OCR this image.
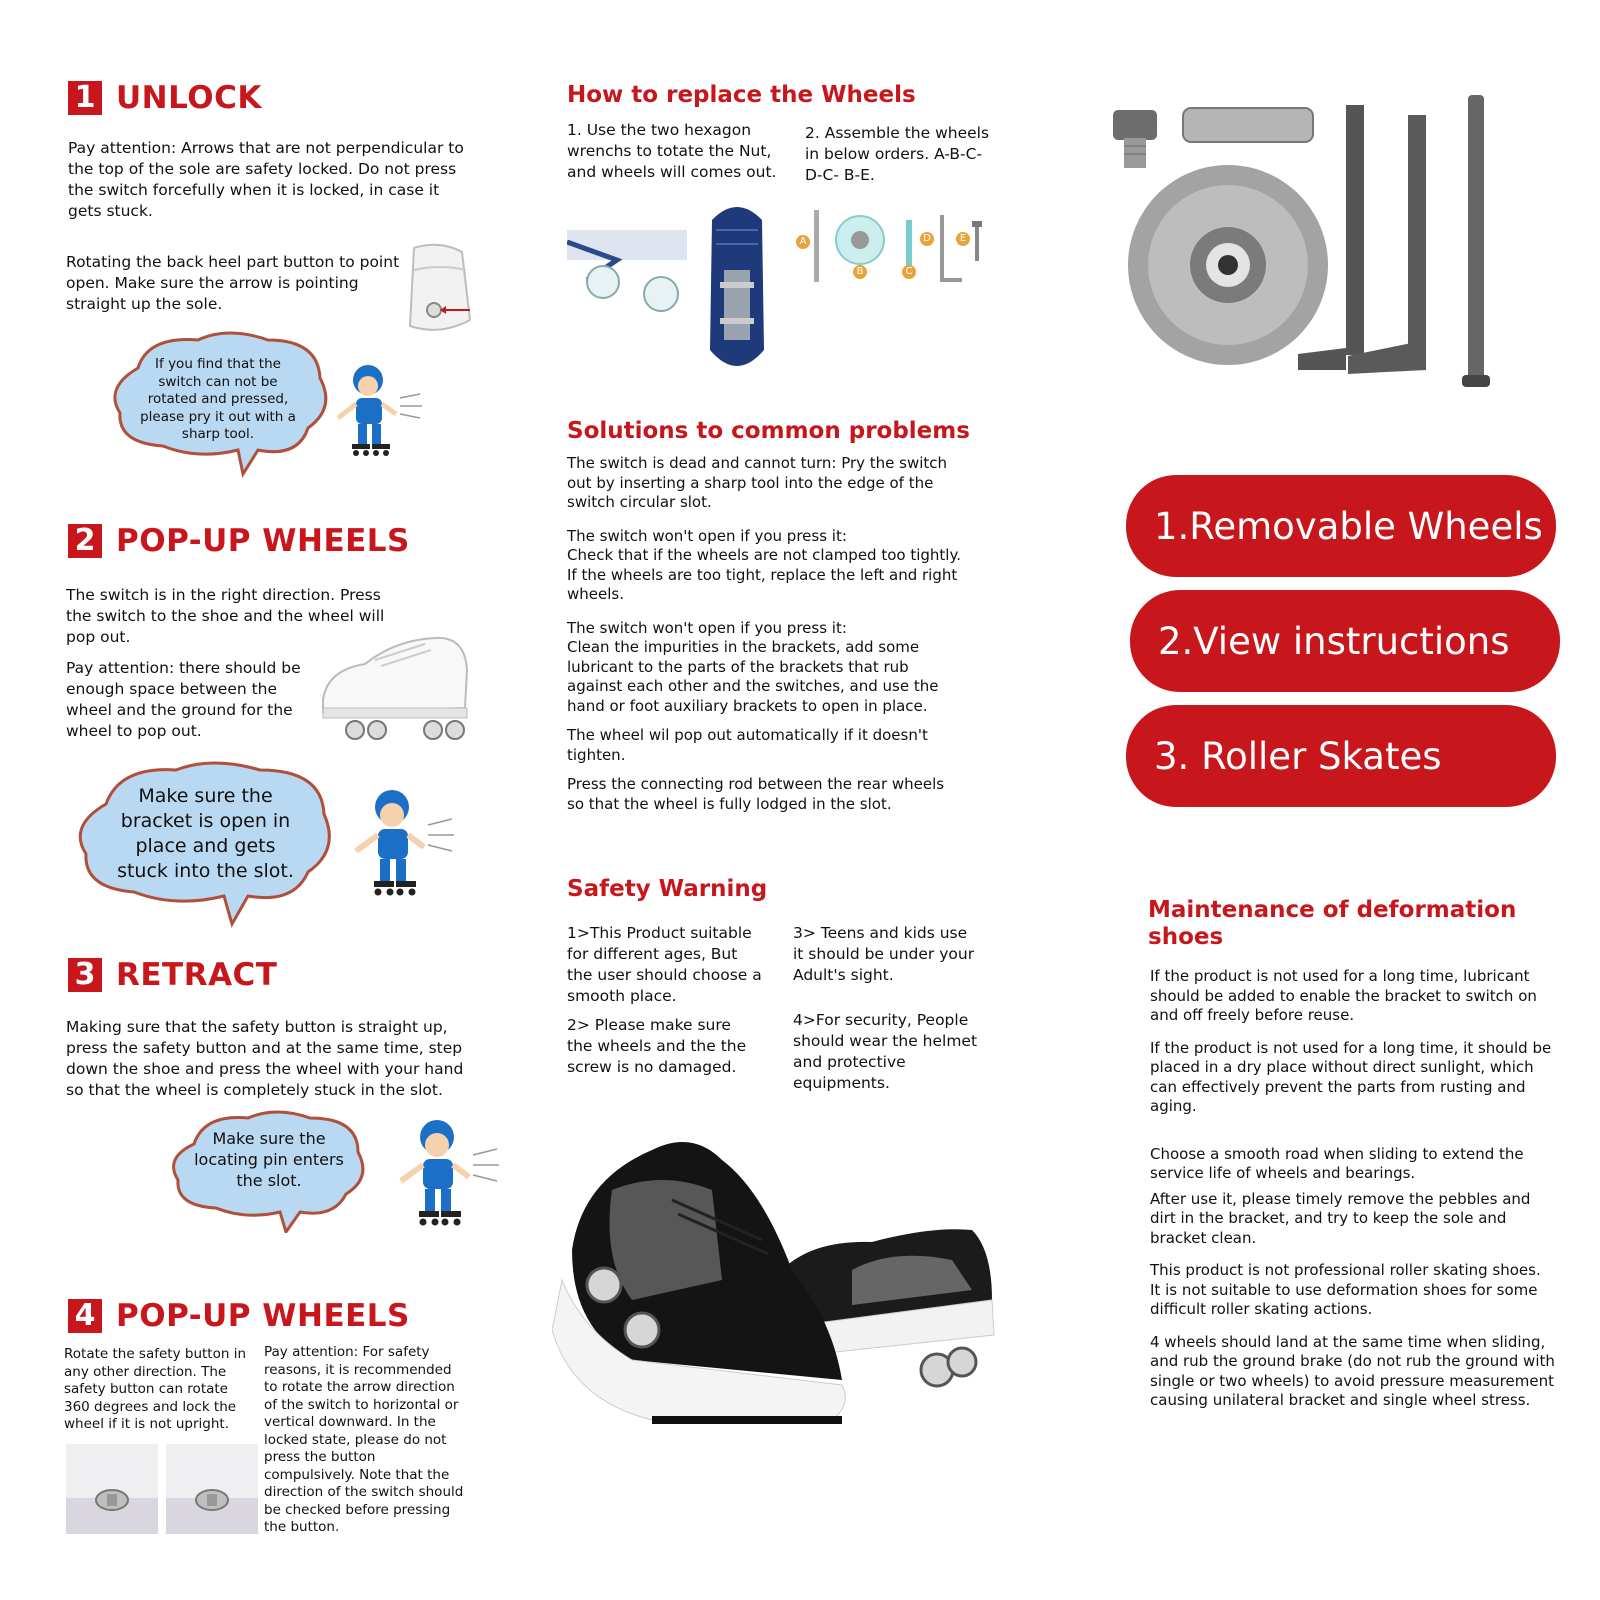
1 UNLOCK

Pay attention: Arrows that are not perpendicular to the top of the sole are safety locked. Do not press the switch forcefully when it is locked, in case it gets stuck.

Rotating the back heel part button to point open. Make sure the arrow is pointing straight up the sole.

If you find that the switch can not be rotated and pressed, please pry it out with a sharp tool.
2 POP-UP WHEELS

The switch is in the right direction. Press the switch to the shoe and the wheel will pop out.

Pay attention: there should be enough space between the wheel and the ground for the wheel to pop out.

Make sure the bracket is open in place and gets stuck into the slot.
3 RETRACT

Making sure that the safety button is straight up, press the safety button and at the same time, step down the shoe and press the wheel with your hand so that the wheel is completely stuck in the slot.

Make sure the locating pin enters the slot.
4 POP-UP WHEELS

Rotate the safety button in any other direction. The safety button can rotate 360 degrees and lock the wheel if it is not upright.

Pay attention: For safety reasons, it is recommended to rotate the arrow direction of the switch to horizontal or vertical downward. In the locked state, please do not press the button compulsively. Note that the direction of the switch should be checked before pressing the button.

How to replace the Wheels

1. Use the two hexagon wrenchs to totate the Nut, and wheels will comes out.

2. Assemble the wheels in below orders. A-B-C-D-C- B-E.

A
B	C
D	E
Solutions to common problems

The switch is dead and cannot turn: Pry the switch out by inserting a sharp tool into the edge of the switch circular slot.

The switch won't open if you press it:

Check that if the wheels are not clamped too tightly. If the wheels are too tight, replace the left and right wheels.

The switch won't open if you press it:

Clean the impurities in the brackets, add some lubricant to the parts of the brackets that rub against each other and the switches, and use the hand or foot auxiliary brackets to open in place.

The wheel wil pop out automatically if it doesn't tighten.

Press the connecting rod between the rear wheels so that the wheel is fully lodged in the slot.

Safety Warning

1>This Product suitable for different ages, But the user should choose a smooth place.

2> Please make sure the wheels and the the screw is no damaged.

3> Teens and kids use it should be under your Adult's sight.

4>For security, People should wear the helmet and protective equipments.

1.Removable Wheels
2.View instructions
3. Roller Skates
Maintenance of deformation shoes

If the product is not used for a long time, lubricant should be added to enable the bracket to switch on and off freely before reuse.

If the product is not used for a long time, it should be placed in a dry place without direct sunlight, which can effectively prevent the parts from rusting and aging.

Choose a smooth road when sliding to extend the service life of wheels and bearings.

After use it, please timely remove the pebbles and dirt in the bracket, and try to keep the sole and bracket clean.

This product is not professional roller skating shoes. It is not suitable to use deformation shoes for some difficult roller skating actions.

4 wheels should land at the same time when sliding, and rub the ground brake (do not rub the ground with single or two wheels) to avoid pressure measurement causing unilateral bracket and single wheel stress.
